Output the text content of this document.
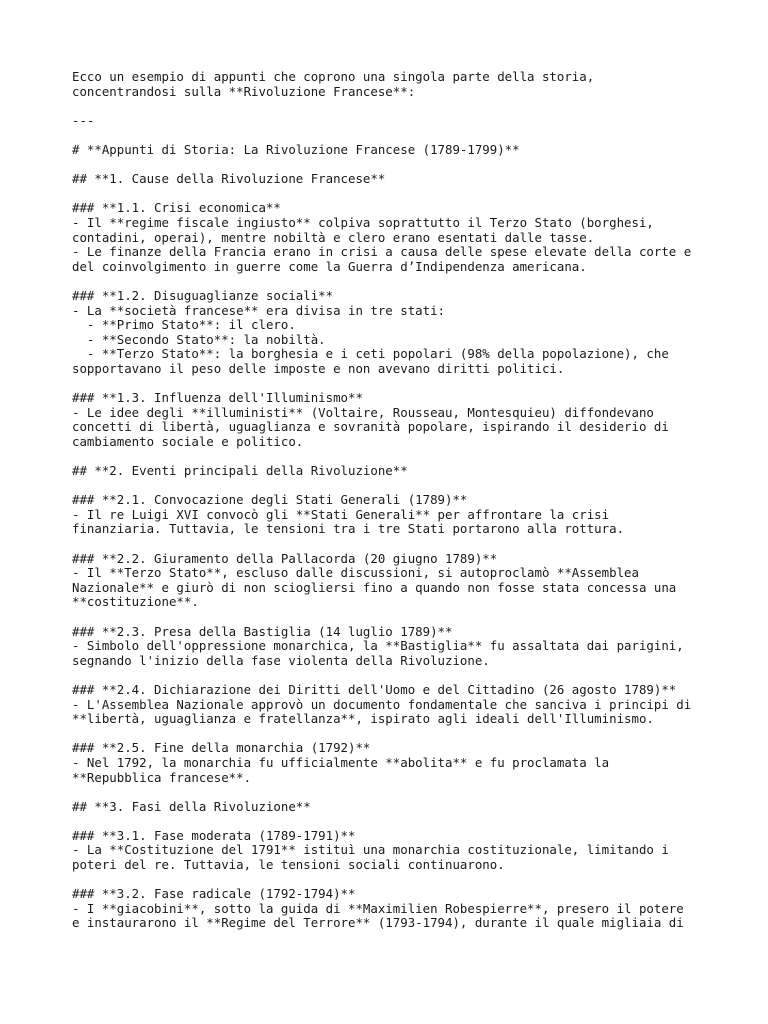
Ecco un esempio di appunti che coprono una singola parte della storia,
concentrandosi sulla **Rivoluzione Francese**:
---
# **Appunti di Storia: La Rivoluzione Francese (1789-1799)**
## **1. Cause della Rivoluzione Francese**
### **1.1. Crisi economica**
- Il **regime fiscale ingiusto** colpiva soprattutto il Terzo Stato (borghesi,
contadini, operai), mentre nobiltà e clero erano esentati dalle tasse.
- Le finanze della Francia erano in crisi a causa delle spese elevate della corte e
del coinvolgimento in guerre come la Guerra d’Indipendenza americana.
### **1.2. Disuguaglianze sociali**
- La **società francese** era divisa in tre stati:
- **Primo Stato**: il clero.
- **Secondo Stato**: la nobiltà.
- **Terzo Stato**: la borghesia e i ceti popolari (98% della popolazione), che
sopportavano il peso delle imposte e non avevano diritti politici.
### **1.3. Influenza dell'Illuminismo**
- Le idee degli **illuministi** (Voltaire, Rousseau, Montesquieu) diffondevano
concetti di libertà, uguaglianza e sovranità popolare, ispirando il desiderio di
cambiamento sociale e politico.
## **2. Eventi principali della Rivoluzione**
### **2.1. Convocazione degli Stati Generali (1789)**
- Il re Luigi XVI convocò gli **Stati Generali** per affrontare la crisi
finanziaria. Tuttavia, le tensioni tra i tre Stati portarono alla rottura.
### **2.2. Giuramento della Pallacorda (20 giugno 1789)**
- Il **Terzo Stato**, escluso dalle discussioni, si autoproclamò **Assemblea
Nazionale** e giurò di non sciogliersi fino a quando non fosse stata concessa una
**costituzione**.
### **2.3. Presa della Bastiglia (14 luglio 1789)**
- Simbolo dell'oppressione monarchica, la **Bastiglia** fu assaltata dai parigini,
segnando l'inizio della fase violenta della Rivoluzione.
### **2.4. Dichiarazione dei Diritti dell'Uomo e del Cittadino (26 agosto 1789)**
- L'Assemblea Nazionale approvò un documento fondamentale che sanciva i principi di
**libertà, uguaglianza e fratellanza**, ispirato agli ideali dell'Illuminismo.
### **2.5. Fine della monarchia (1792)**
- Nel 1792, la monarchia fu ufficialmente **abolita** e fu proclamata la
**Repubblica francese**.
## **3. Fasi della Rivoluzione**
### **3.1. Fase moderata (1789-1791)**
- La **Costituzione del 1791** istituì una monarchia costituzionale, limitando i
poteri del re. Tuttavia, le tensioni sociali continuarono.
### **3.2. Fase radicale (1792-1794)**
- I **giacobini**, sotto la guida di **Maximilien Robespierre**, presero il potere
e instaurarono il **Regime del Terrore** (1793-1794), durante il quale migliaia di
